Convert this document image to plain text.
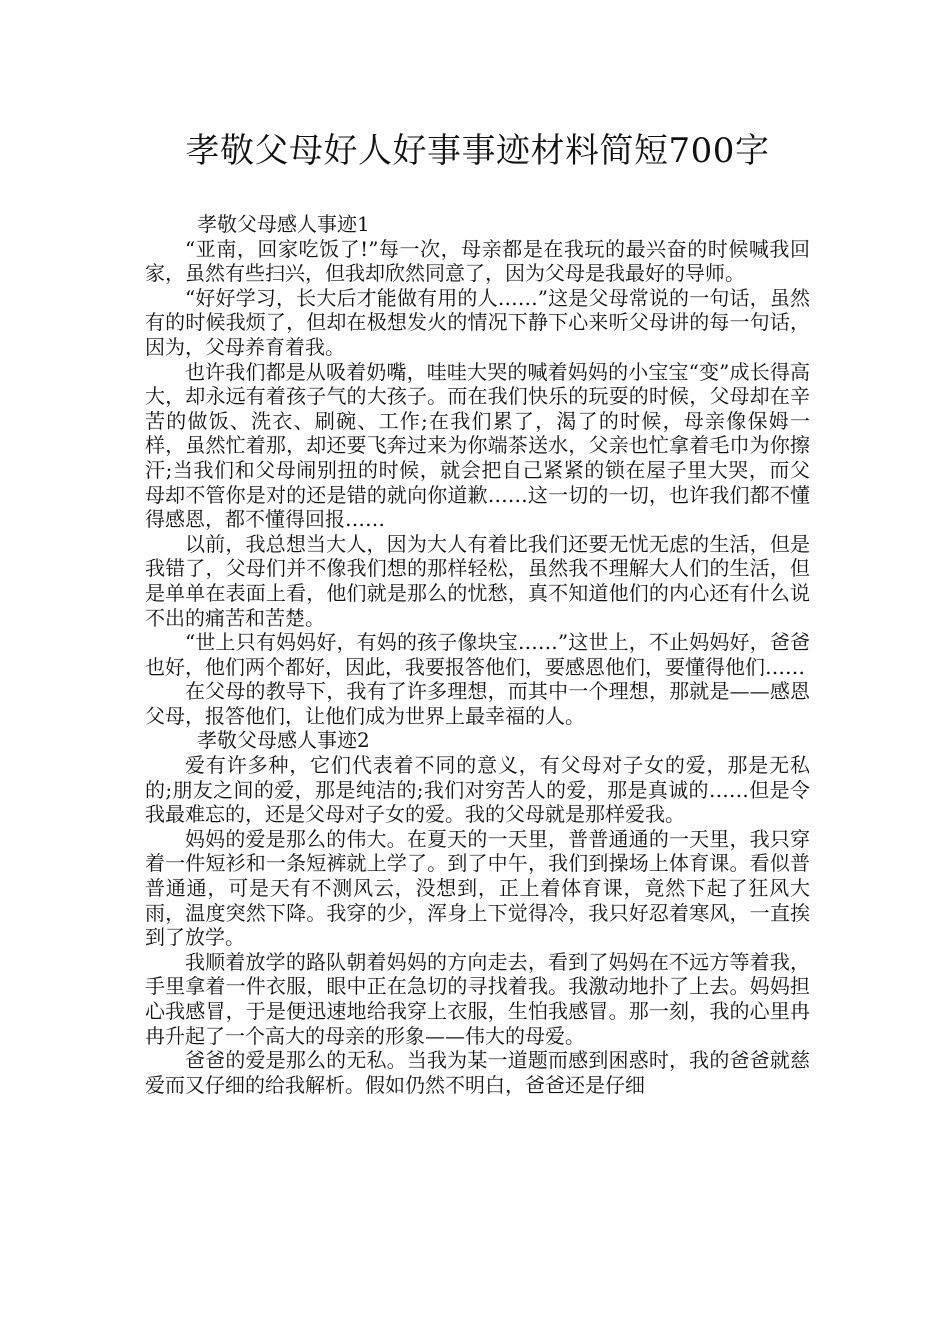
孝敬父母好人好事事迹材料简短700字

孝敬父母感人事迹1

“亚南，回家吃饭了!”每一次，母亲都是在我玩的最兴奋的时候喊我回家，虽然有些扫兴，但我却欣然同意了，因为父母是我最好的导师。

“好好学习，长大后才能做有用的人……”这是父母常说的一句话，虽然有的时候我烦了，但却在极想发火的情况下静下心来听父母讲的每一句话，因为，父母养育着我。

也许我们都是从吸着奶嘴，哇哇大哭的喊着妈妈的小宝宝“变”成长得高大，却永远有着孩子气的大孩子。而在我们快乐的玩耍的时候，父母却在辛苦的做饭、洗衣、刷碗、工作;在我们累了，渴了的时候，母亲像保姆一样，虽然忙着那，却还要飞奔过来为你端茶送水，父亲也忙拿着毛巾为你擦汗;当我们和父母闹别扭的时候，就会把自己紧紧的锁在屋子里大哭，而父母却不管你是对的还是错的就向你道歉……这一切的一切，也许我们都不懂得感恩，都不懂得回报……

以前，我总想当大人，因为大人有着比我们还要无忧无虑的生活，但是我错了，父母们并不像我们想的那样轻松，虽然我不理解大人们的生活，但是单单在表面上看，他们就是那么的忧愁，真不知道他们的内心还有什么说不出的痛苦和苦楚。

“世上只有妈妈好，有妈的孩子像块宝……”这世上，不止妈妈好，爸爸也好，他们两个都好，因此，我要报答他们，要感恩他们，要懂得他们……

在父母的教导下，我有了许多理想，而其中一个理想，那就是——感恩父母，报答他们，让他们成为世界上最幸福的人。

孝敬父母感人事迹2

爱有许多种，它们代表着不同的意义，有父母对子女的爱，那是无私的;朋友之间的爱，那是纯洁的;我们对穷苦人的爱，那是真诚的……但是令我最难忘的，还是父母对子女的爱。我的父母就是那样爱我。

妈妈的爱是那么的伟大。在夏天的一天里，普普通通的一天里，我只穿着一件短衫和一条短裤就上学了。到了中午，我们到操场上体育课。看似普普通通，可是天有不测风云，没想到，正上着体育课，竟然下起了狂风大雨，温度突然下降。我穿的少，浑身上下觉得冷，我只好忍着寒风，一直挨到了放学。

我顺着放学的路队朝着妈妈的方向走去，看到了妈妈在不远方等着我，手里拿着一件衣服，眼中正在急切的寻找着我。我激动地扑了上去。妈妈担心我感冒，于是便迅速地给我穿上衣服，生怕我感冒。那一刻，我的心里冉冉升起了一个高大的母亲的形象——伟大的母爱。

爸爸的爱是那么的无私。当我为某一道题而感到困惑时，我的爸爸就慈爱而又仔细的给我解析。假如仍然不明白，爸爸还是仔细
